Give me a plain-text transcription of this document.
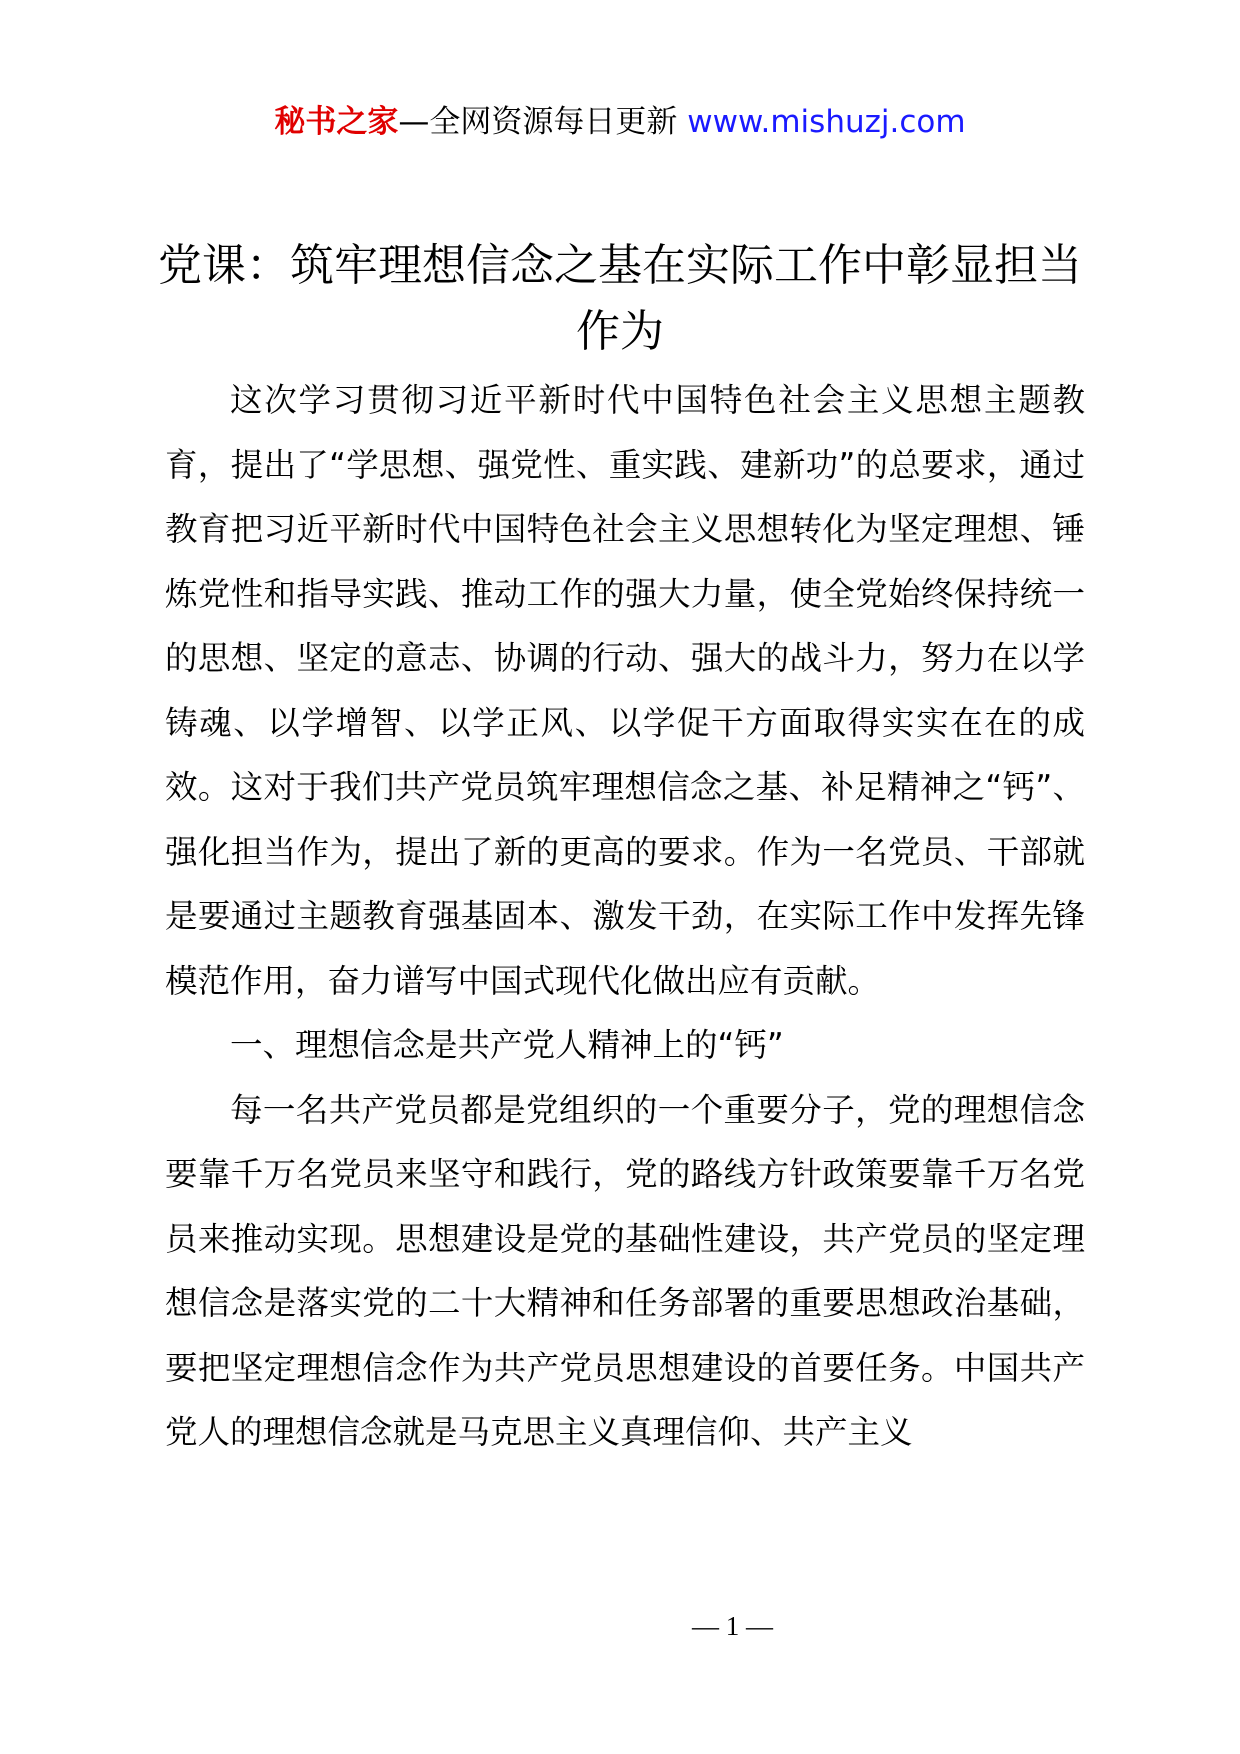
秘书之家—全网资源每日更新 www.mishuzj.com
党课：筑牢理想信念之基在实际工作中彰显担当作为

这次学习贯彻习近平新时代中国特色社会主义思想主题教育，提出了“学思想、强党性、重实践、建新功”的总要求，通过教育把习近平新时代中国特色社会主义思想转化为坚定理想、锤炼党性和指导实践、推动工作的强大力量，使全党始终保持统一的思想、坚定的意志、协调的行动、强大的战斗力，努力在以学铸魂、以学增智、以学正风、以学促干方面取得实实在在的成效。这对于我们共产党员筑牢理想信念之基、补足精神之“钙”、强化担当作为，提出了新的更高的要求。作为一名党员、干部就是要通过主题教育强基固本、激发干劲，在实际工作中发挥先锋模范作用，奋力谱写中国式现代化做出应有贡献。

一、理想信念是共产党人精神上的“钙”

每一名共产党员都是党组织的一个重要分子，党的理想信念要靠千万名党员来坚守和践行，党的路线方针政策要靠千万名党员来推动实现。思想建设是党的基础性建设，共产党员的坚定理想信念是落实党的二十大精神和任务部署的重要思想政治基础，要把坚定理想信念作为共产党员思想建设的首要任务。中国共产党人的理想信念就是马克思主义真理信仰、共产主义

— 1 —
